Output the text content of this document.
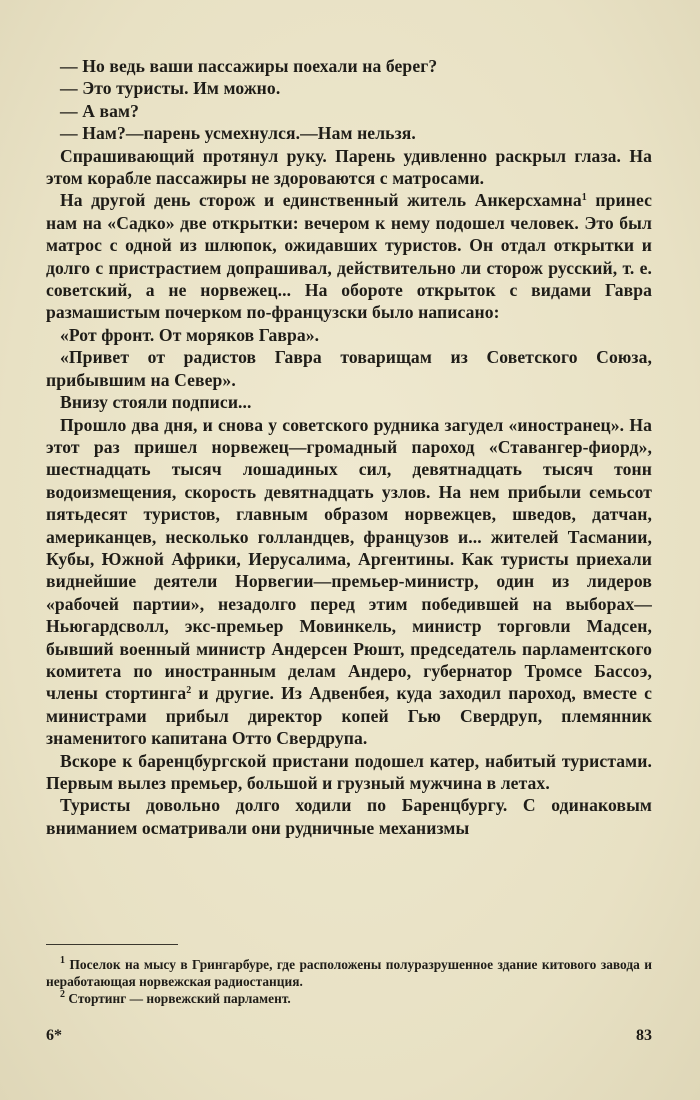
— Но ведь ваши пассажиры поехали на берег?

— Это туристы. Им можно.

— А вам?

— Нам?—парень усмехнулся.—Нам нельзя.

Спрашивающий протянул руку. Парень удивленно раскрыл глаза. На этом корабле пассажиры не здороваются с матросами.

На другой день сторож и единственный житель Анкерсхамна$^1$ принес нам на «Садко» две открытки: вечером к нему подошел человек. Это был матрос с одной из шлюпок, ожидавших туристов. Он отдал открытки и долго с пристрастием допрашивал, действительно ли сторож русский, т. е. советский, а не норвежец... На обороте открыток с видами Гавра размашистым почерком по-французски было написано:

«Рот фронт. От моряков Гавра».

«Привет от радистов Гавра товарищам из Советского Союза, прибывшим на Север».

Внизу стояли подписи...

Прошло два дня, и снова у советского рудника загудел «иностранец». На этот раз пришел норвежец—громадный пароход «Ставангер-фиорд», шестнадцать тысяч лошадиных сил, девятнадцать тысяч тонн водоизмещения, скорость девятнадцать узлов. На нем прибыли семьсот пятьдесят туристов, главным образом норвежцев, шведов, датчан, американцев, несколько голландцев, французов и... жителей Тасмании, Кубы, Южной Африки, Иерусалима, Аргентины. Как туристы приехали виднейшие деятели Норвегии—премьер-министр, один из лидеров «рабочей партии», незадолго перед этим победившей на выборах—Ньюгардсволл, экс-премьер Мовинкель, министр торговли Мадсен, бывший военный министр Андерсен Рюшт, председатель парламентского комитета по иностранным делам Андеро, губернатор Тромсе Бассоэ, члены стортинга$^2$ и другие. Из Адвенбея, куда заходил пароход, вместе с министрами прибыл директор копей Гью Свердруп, племянник знаменитого капитана Отто Свердрупа.

Вскоре к баренцбургской пристани подошел катер, набитый туристами. Первым вылез премьер, большой и грузный мужчина в летах.

Туристы довольно долго ходили по Баренцбургу. С одинаковым вниманием осматривали они рудничные механизмы

$^1$ Поселок на мысу в Грингарбуре, где расположены полуразрушенное здание китового завода и неработающая норвежская радиостанция.

$^2$ Стортинг — норвежский парламент.

6*	83
